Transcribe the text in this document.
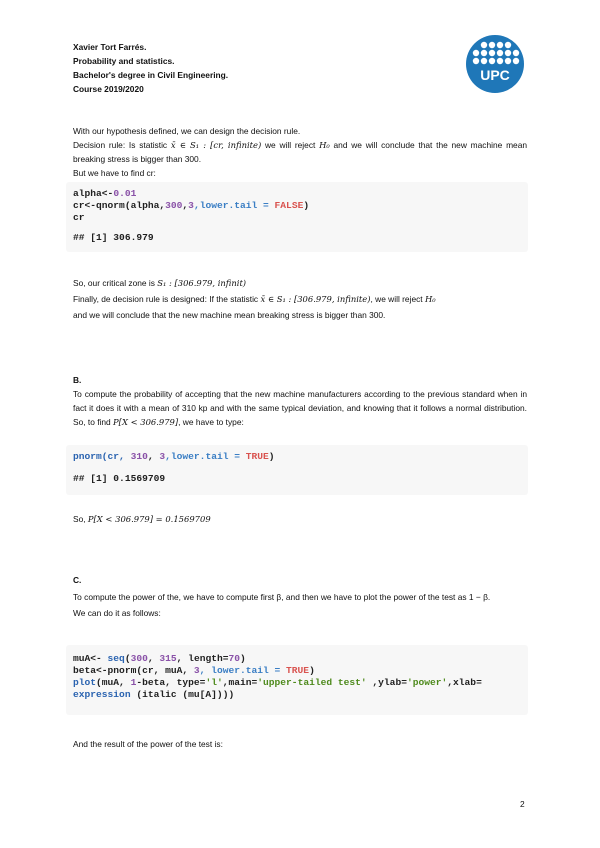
Xavier Tort Farrés.
Probability and statistics.
Bachelor's degree in Civil Engineering.
Course 2019/2020
UPC
With our hypothesis defined, we can design the decision rule.
Decision rule: Is statistic x̄ ∈ S₁ : [cr, infinite) we will reject H₀ and we will conclude that the new machine mean breaking stress is bigger than 300.
But we have to find cr:
alpha<-0.01
cr<-qnorm(alpha,300,3,lower.tail = FALSE)
cr
## [1] 306.979
So, our critical zone is S₁ : [306.979, infinit)
Finally, de decision rule is designed: If the statistic x̄ ∈ S₁ : [306.979, infinite), we will reject H₀
and we will conclude that the new machine mean breaking stress is bigger than 300.
B.
To compute the probability of accepting that the new machine manufacturers according to the previous standard when in fact it does it with a mean of 310 kp and with the same typical deviation, and knowing that it follows a normal distribution. So, to find P[X < 306.979], we have to type:
pnorm(cr, 310, 3,lower.tail = TRUE)
## [1] 0.1569709
So, P[X < 306.979] = 0.1569709
C.
To compute the power of the, we have to compute first β, and then we have to plot the power of the test as 1 − β.
We can do it as follows:
muA<- seq(300, 315, length=70)
beta<-pnorm(cr, muA, 3, lower.tail = TRUE)
plot(muA, 1-beta, type='l',main='upper-tailed test' ,ylab='power',xlab=
expression (italic (mu[A])))
And the result of the power of the test is:
2
